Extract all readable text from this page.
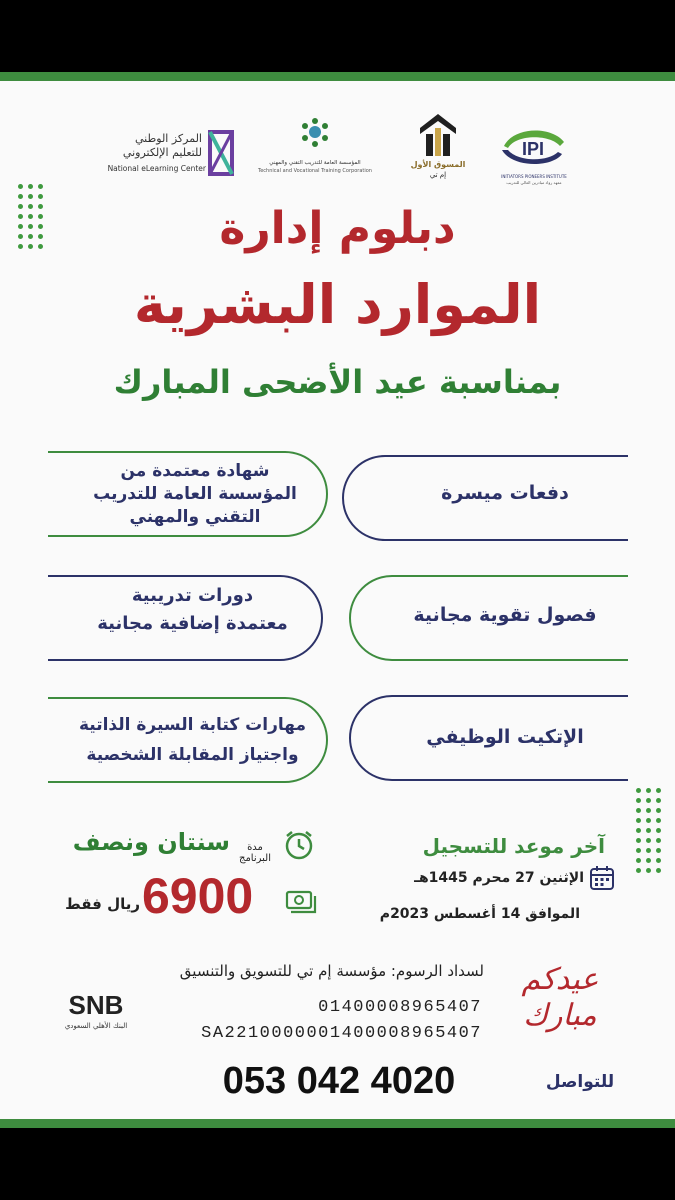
IPI
INITIATORS PIONEERS INSTITUTE
معهد رواد مبادرين العالي للتدريب
المسوق الأول
إم تي
المؤسسة العامة للتدريب التقني والمهني
Technical and Vocational Training Corporation
المركز الوطني
للتعليم الإلكتروني
National eLearning Center
دبلوم إدارة
الموارد البشرية
بمناسبة عيد الأضحى المبارك
شهادة معتمدة من
المؤسسة العامة للتدريب
التقني والمهني
دفعات ميسرة
دورات تدريبية
معتمدة إضافية مجانية	فصول تقوية مجانية
مهارات كتابة السيرة الذاتية
واجتياز المقابلة الشخصية
الإتكيت الوظيفي
مدة البرنامج
سنتان ونصف
6900
ريال فقط
آخر موعد للتسجيل
الإثنين 27 محرم 1445هـ
الموافق 14 أغسطس 2023م
لسداد الرسوم: مؤسسة إم تي للتسويق والتنسيق
01400008965407
SA2210000001400008965407
SNB
البنك الأهلي السعودي
عيدكم مبارك
053 042 4020	للتواصل
